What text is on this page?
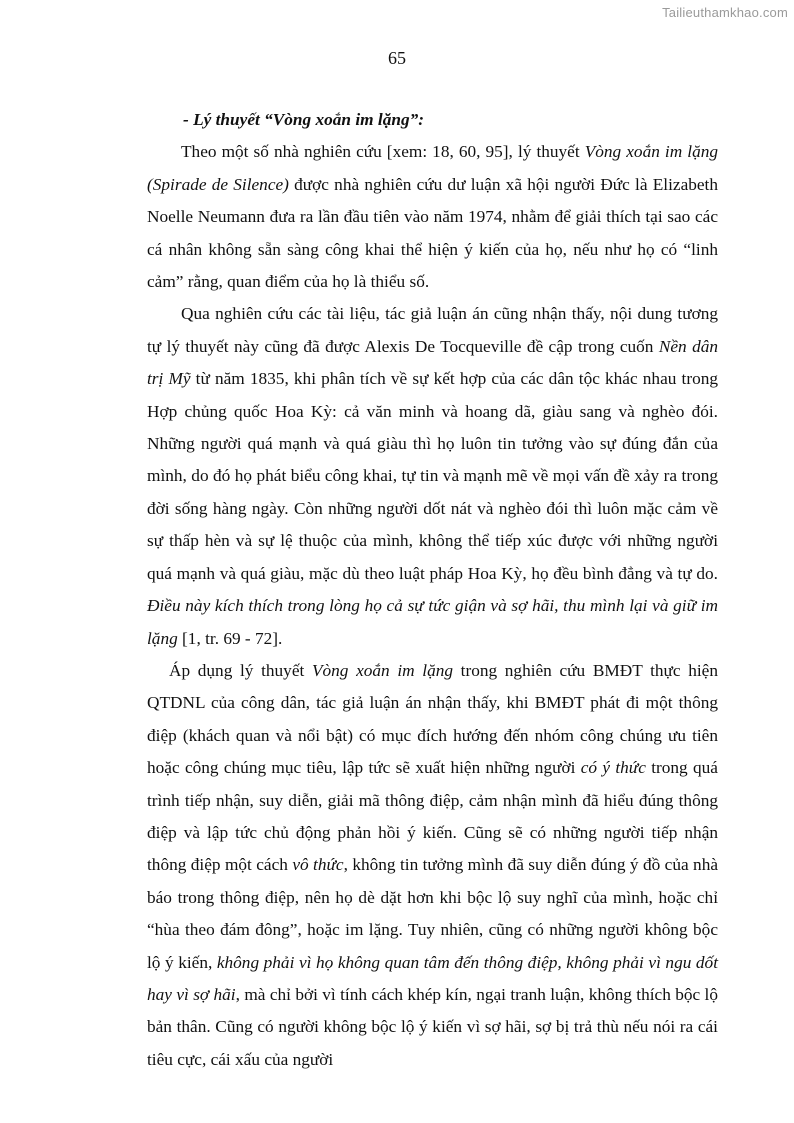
Tailieuthamkhao.com
65

- Lý thuyết “Vòng xoắn im lặng”:

Theo một số nhà nghiên cứu [xem: 18, 60, 95], lý thuyết Vòng xoắn im lặng (Spirade de Silence) được nhà nghiên cứu dư luận xã hội người Đức là Elizabeth Noelle Neumann đưa ra lần đầu tiên vào năm 1974, nhằm để giải thích tại sao các cá nhân không sẵn sàng công khai thể hiện ý kiến của họ, nếu như họ có “linh cảm” rằng, quan điểm của họ là thiểu số.

Qua nghiên cứu các tài liệu, tác giả luận án cũng nhận thấy, nội dung tương tự lý thuyết này cũng đã được Alexis De Tocqueville đề cập trong cuốn Nền dân trị Mỹ từ năm 1835, khi phân tích về sự kết hợp của các dân tộc khác nhau trong Hợp chủng quốc Hoa Kỳ: cả văn minh và hoang dã, giàu sang và nghèo đói. Những người quá mạnh và quá giàu thì họ luôn tin tưởng vào sự đúng đắn của mình, do đó họ phát biểu công khai, tự tin và mạnh mẽ về mọi vấn đề xảy ra trong đời sống hàng ngày. Còn những người dốt nát và nghèo đói thì luôn mặc cảm về sự thấp hèn và sự lệ thuộc của mình, không thể tiếp xúc được với những người quá mạnh và quá giàu, mặc dù theo luật pháp Hoa Kỳ, họ đều bình đẳng và tự do. Điều này kích thích trong lòng họ cả sự tức giận và sợ hãi, thu mình lại và giữ im lặng [1, tr. 69 - 72].

Áp dụng lý thuyết Vòng xoắn im lặng trong nghiên cứu BMĐT thực hiện QTDNL của công dân, tác giả luận án nhận thấy, khi BMĐT phát đi một thông điệp (khách quan và nổi bật) có mục đích hướng đến nhóm công chúng ưu tiên hoặc công chúng mục tiêu, lập tức sẽ xuất hiện những người có ý thức trong quá trình tiếp nhận, suy diễn, giải mã thông điệp, cảm nhận mình đã hiểu đúng thông điệp và lập tức chủ động phản hồi ý kiến. Cũng sẽ có những người tiếp nhận thông điệp một cách vô thức, không tin tưởng mình đã suy diễn đúng ý đồ của nhà báo trong thông điệp, nên họ dè dặt hơn khi bộc lộ suy nghĩ của mình, hoặc chỉ “hùa theo đám đông”, hoặc im lặng. Tuy nhiên, cũng có những người không bộc lộ ý kiến, không phải vì họ không quan tâm đến thông điệp, không phải vì ngu dốt hay vì sợ hãi, mà chỉ bởi vì tính cách khép kín, ngại tranh luận, không thích bộc lộ bản thân. Cũng có người không bộc lộ ý kiến vì sợ hãi, sợ bị trả thù nếu nói ra cái tiêu cực, cái xấu của người
